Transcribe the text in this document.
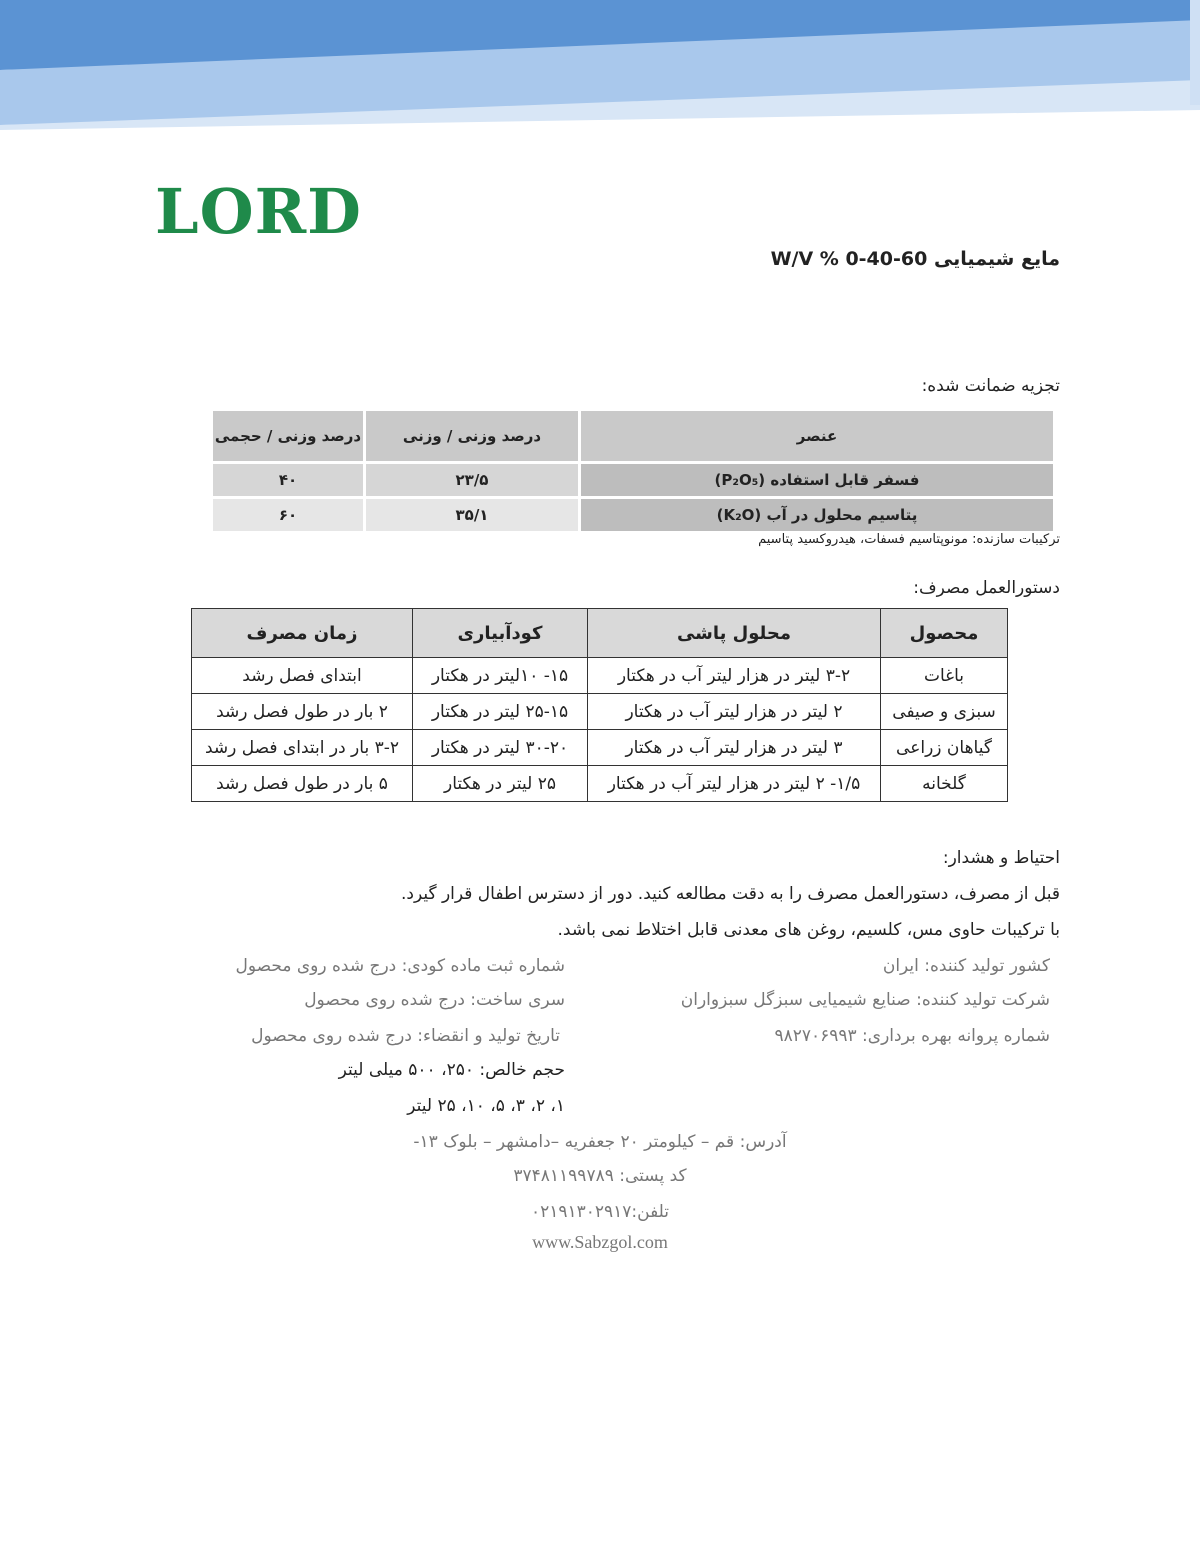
LORD
مایع شیمیایی W/V % 0-40-60
تجزیه ضمانت شده:
عنصر	درصد وزنی / وزنی	درصد وزنی / حجمی
فسفر قابل استفاده (P₂O₅)	۲۳/۵	۴۰
پتاسیم محلول در آب (K₂O)	۳۵/۱	۶۰
ترکیبات سازنده: مونوپتاسیم فسفات، هیدروکسید پتاسیم
دستورالعمل مصرف:
محصول	محلول پاشی	کودآبیاری	زمان مصرف
باغات	۳-۲ لیتر در هزار لیتر آب در هکتار	۱۵- ۱۰لیتر در هکتار	ابتدای فصل رشد
سبزی و صیفی	۲ لیتر در هزار لیتر آب در هکتار	۲۵-۱۵ لیتر در هکتار	۲ بار در طول فصل رشد
گیاهان زراعی	۳ لیتر در هزار لیتر آب در هکتار	۳۰-۲۰ لیتر در هکتار	۳-۲ بار در ابتدای فصل رشد
گلخانه	۱/۵- ۲ لیتر در هزار لیتر آب در هکتار	۲۵ لیتر در هکتار	۵ بار در طول فصل رشد
احتیاط و هشدار:
قبل از مصرف، دستورالعمل مصرف را به دقت مطالعه کنید. دور از دسترس اطفال قرار گیرد.
با ترکیبات حاوی مس، کلسیم، روغن های معدنی قابل اختلاط نمی باشد.
کشور تولید کننده: ایران
شرکت تولید کننده: صنایع شیمیایی سبزگل سبزواران
شماره پروانه بهره برداری: ۹۸۲۷۰۶۹۹۳
شماره ثبت ماده کودی: درج شده روی محصول
سری ساخت: درج شده روی محصول
تاریخ تولید و انقضاء: درج شده روی محصول
حجم خالص: ۲۵۰، ۵۰۰ میلی لیتر
۱، ۲، ۳، ۵، ۱۰، ۲۵ لیتر
آدرس: قم – کیلومتر ۲۰ جعفریه –دامشهر – بلوک ۱۳-
کد پستی: ۳۷۴۸۱۱۹۹۷۸۹
تلفن:۰۲۱۹۱۳۰۲۹۱۷
www.Sabzgol.com
